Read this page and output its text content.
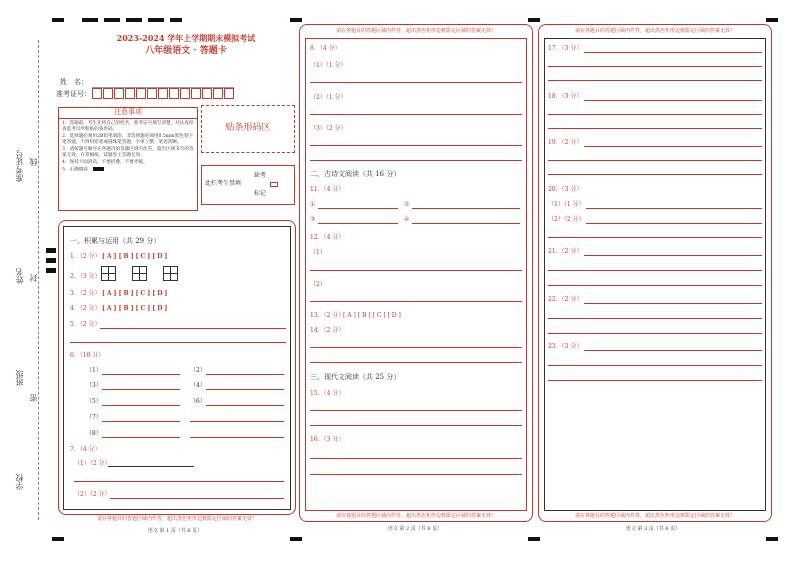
准考证号 线
姓名 封
班级
密
学校
2023-2024 学年上学期期末模拟考试
八年级语文 · 答题卡
姓　名：
准考证号：
注意事项
1．答题前，考生先将自己的姓名，准考证号填写清楚，并认真检查监考员所粘贴的条形码。
2．选择题必须用2B铅笔填涂；非选择题必须用0.5mm黑色签字笔答题，不得用铅笔或圆珠笔答题；字体工整、笔迹清晰。
3．请按题号顺序在各题目的答题区域内作答，超出区域书写的答案无效；在草稿纸、试题卷上答题无效。
4．保持卡面清洁，不要折叠、不要弄破。
5．正确填涂
贴条形码区
缺考
此栏考生禁填
标记
一、积累与运用（共 29 分）
1．（2 分） [ A ] [ B ] [ C ] [ D ]
2．（3 分）
3．（2 分） [ A ] [ B ] [ C ] [ D ]
4．（2 分） [ A ] [ B ] [ C ] [ D ]
5．（2 分）
6．（10 分）
（1）	（2）
（3）	（4）
（5）	（6）
（7）
（8）
7．（4 分）
（1）（2 分）
（2）（2 分）
请在各题目的答题区域内作答，超出黑色矩形边框限定区域的答案无效！
语文 第 1 页（共 6 页）
请在各题目的答题区域内作答，超出黑色矩形边框限定区域的答案无效！
8．（4 分）
（1）（1 分）
（2）（1 分）
（3）（2 分）
二、古诗文阅读（共 16 分）
11．（4 分）
①	②
③	④
12．（4 分）
（1）
（2）
13．（2 分）
[ A ] [ B ] [ C ] [ D ]
14．（2 分）
三、现代文阅读（共 25 分）
15．（4 分）
16．（3 分）
请在各题目的答题区域内作答，超出黑色矩形边框限定区域的答案无效！
语文 第 2 页（共 6 页）
请在各题目的答题区域内作答，超出黑色矩形边框限定区域的答案无效！
17．（3 分）
18．（3 分）
19．（2 分）
20．（3 分）
（1）（1 分）
（2）（2 分）
21．（2 分）
22．（2 分）
23．（3 分）
请在各题目的答题区域内作答，超出黑色矩形边框限定区域的答案无效！
语文 第 3 页（共 6 页）
